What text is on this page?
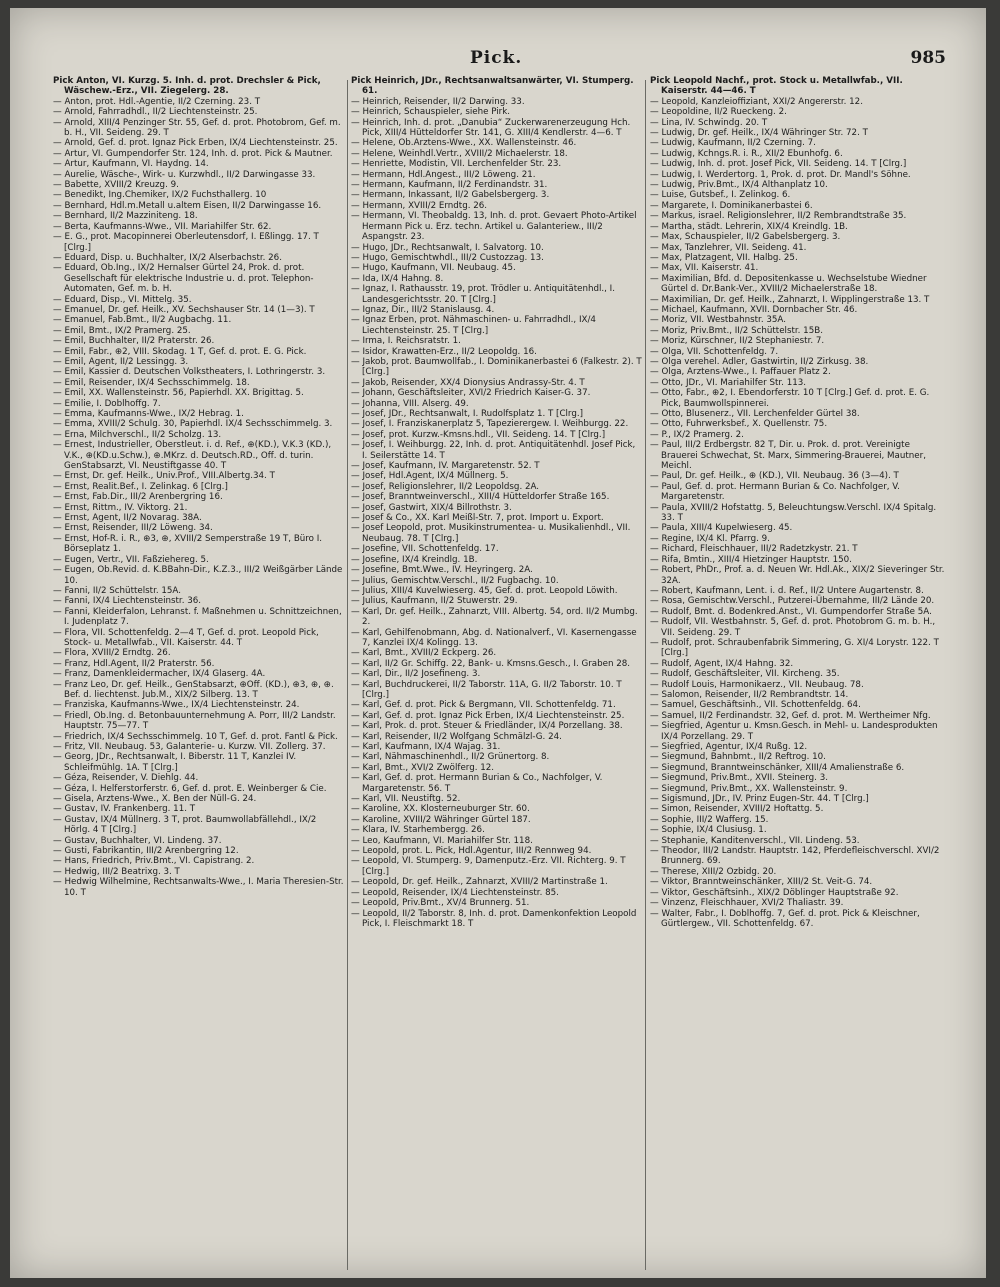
Pick.	985

Pick Anton, VI. Kurzg. 5. Inh. d. prot. Drechsler & Pick, Wäschew.-Erz., VII. Ziegelerg. 28.

— Anton, prot. Hdl.-Agentie, II/2 Czerning. 23. T

— Arnold, Fahrradhdl., II/2 Liechtensteinstr. 25.

— Arnold, XIII/4 Penzinger Str. 55, Gef. d. prot. Photobrom, Gef. m. b. H., VII. Seideng. 29. T

— Arnold, Gef. d. prot. Ignaz Pick Erben, IX/4 Liechtensteinstr. 25.

— Artur, VI. Gumpendorfer Str. 124, Inh. d. prot. Pick & Mautner.

— Artur, Kaufmann, VI. Haydng. 14.

— Aurelie, Wäsche-, Wirk- u. Kurzwhdl., II/2 Darwingasse 33.

— Babette, XVIII/2 Kreuzg. 9.

— Benedikt, Ing.Chemiker, IX/2 Fuchsthallerg. 10

— Bernhard, Hdl.m.Metall u.altem Eisen, II/2 Darwingasse 16.

— Bernhard, II/2 Mazziniteng. 18.

— Berta, Kaufmanns-Wwe., VII. Mariahilfer Str. 62.

— E. G., prot. Macopinnerei Oberleutensdorf, I. Eßlingg. 17. T [Clrg.]

— Eduard, Disp. u. Buchhalter, IX/2 Alserbachstr. 26.

— Eduard, Ob.Ing., IX/2 Hernalser Gürtel 24, Prok. d. prot. Gesellschaft für elektrische Industrie u. d. prot. Telephon-Automaten, Gef. m. b. H.

— Eduard, Disp., VI. Mittelg. 35.

— Emanuel, Dr. gef. Heilk., XV. Sechshauser Str. 14 (1—3). T

— Emanuel, Fab.Bmt., II/2 Augbachg. 11.

— Emil, Bmt., IX/2 Pramerg. 25.

— Emil, Buchhalter, II/2 Praterstr. 26.

— Emil, Fabr., ⊕2, VIII. Skodag. 1 T, Gef. d. prot. E. G. Pick.

— Emil, Agent, II/2 Lessingg. 3.

— Emil, Kassier d. Deutschen Volkstheaters, I. Lothringerstr. 3.

— Emil, Reisender, IX/4 Sechsschimmelg. 18.

— Emil, XX. Wallensteinstr. 56, Papierhdl. XX. Brigittag. 5.

— Emilie, I. Doblhoffg. 7.

— Emma, Kaufmanns-Wwe., IX/2 Hebrag. 1.

— Emma, XVIII/2 Schulg. 30, Papierhdl. IX/4 Sechsschimmelg. 3.

— Erna, Milchverschl., II/2 Scholzg. 13.

— Ernest, Industrieller, Oberstleut. i. d. Ref., ⊕(KD.), V.K.3 (KD.), V.K., ⊕(KD.u.Schw.), ⊕.MKrz. d. Deutsch.RD., Off. d. turin. GenStabsarzt, VI. Neustiftgasse 40. T

— Ernst, Dr. gef. Heilk., Univ.Prof., VIII.Albertg.34. T

— Ernst, Realit.Bef., I. Zelinkag. 6 [Clrg.]

— Ernst, Fab.Dir., III/2 Arenbergring 16.

— Ernst, Rittm., IV. Viktorg. 21.

— Ernst, Agent, II/2 Novarag. 38A.

— Ernst, Reisender, III/2 Löweng. 34.

— Ernst, Hof-R. i. R., ⊕3, ⊕, XVIII/2 Semperstraße 19 T, Büro I. Börseplatz 1.

— Eugen, Vertr., VII. Faßziehereg. 5.

— Eugen, Ob.Revid. d. K.BBahn-Dir., K.Z.3., III/2 Weißgärber Lände 10.

— Fanni, II/2 Schüttelstr. 15A.

— Fanni, IX/4 Liechtensteinstr. 36.

— Fanni, Kleiderfalon, Lehranst. f. Maßnehmen u. Schnittzeichnen, I. Judenplatz 7.

— Flora, VII. Schottenfeldg. 2—4 T, Gef. d. prot. Leopold Pick, Stock- u. Metallwfab., VII. Kaiserstr. 44. T

— Flora, XVIII/2 Erndtg. 26.

— Franz, Hdl.Agent, II/2 Praterstr. 56.

— Franz, Damenkleidermacher, IX/4 Glaserg. 4A.

— Franz Leo, Dr. gef. Heilk., GenStabsarzt, ⊕Off. (KD.), ⊕3, ⊕, ⊕. Bef. d. liechtenst. Jub.M., XIX/2 Silberg. 13. T

— Franziska, Kaufmanns-Wwe., IX/4 Liechtensteinstr. 24.

— Friedl, Ob.Ing. d. Betonbauunternehmung A. Porr, III/2 Landstr. Hauptstr. 75—77. T

— Friedrich, IX/4 Sechsschimmelg. 10 T, Gef. d. prot. Fantl & Pick.

— Fritz, VII. Neubaug. 53, Galanterie- u. Kurzw. VII. Zollerg. 37.

— Georg, JDr., Rechtsanwalt, I. Biberstr. 11 T, Kanzlei IV. Schleifmühlg. 1A. T [Clrg.]

— Géza, Reisender, V. Diehlg. 44.

— Géza, I. Helferstorferstr. 6, Gef. d. prot. E. Weinberger & Cie.

— Gisela, Arztens-Wwe., X. Ben der Nüll-G. 24.

— Gustav, IV. Frankenberg. 11. T

— Gustav, IX/4 Müllnerg. 3 T, prot. Baumwollabfällehdl., IX/2 Hörlg. 4 T [Clrg.]

— Gustav, Buchhalter, VI. Lindeng. 37.

— Gusti, Fabrikantin, III/2 Arenbergring 12.

— Hans, Friedrich, Priv.Bmt., VI. Capistrang. 2.

— Hedwig, III/2 Beatrixg. 3. T

— Hedwig Wilhelmine, Rechtsanwalts-Wwe., I. Maria Theresien-Str. 10. T

Pick Heinrich, JDr., Rechtsanwaltsanwärter, VI. Stumperg. 61.

— Heinrich, Reisender, II/2 Darwing. 33.

— Heinrich, Schauspieler, siehe Pirk.

— Heinrich, Inh. d. prot. „Danubia“ Zuckerwarenerzeugung Hch. Pick, XIII/4 Hütteldorfer Str. 141, G. XIII/4 Kendlerstr. 4—6. T

— Helene, Ob.Arztens-Wwe., XX. Wallensteinstr. 46.

— Helene, Weinhdl.Vertr., XVIII/2 Michaelerstr. 18.

— Henriette, Modistin, VII. Lerchenfelder Str. 23.

— Hermann, Hdl.Angest., III/2 Löweng. 21.

— Hermann, Kaufmann, II/2 Ferdinandstr. 31.

— Hermann, Inkassant, II/2 Gabelsbergerg. 3.

— Hermann, XVIII/2 Erndtg. 26.

— Hermann, VI. Theobaldg. 13, Inh. d. prot. Gevaert Photo-Artikel Hermann Pick u. Erz. techn. Artikel u. Galanteriew., III/2 Aspangstr. 23.

— Hugo, JDr., Rechtsanwalt, I. Salvatorg. 10.

— Hugo, Gemischtwhdl., III/2 Custozzag. 13.

— Hugo, Kaufmann, VII. Neubaug. 45.

— Ida, IX/4 Hahng. 8.

— Ignaz, I. Rathausstr. 19, prot. Trödler u. Antiquitätenhdl., I. Landesgerichtsstr. 20. T [Clrg.]

— Ignaz, Dir., III/2 Stanislausg. 4.

— Ignaz Erben, prot. Nähmaschinen- u. Fahrradhdl., IX/4 Liechtensteinstr. 25. T [Clrg.]

— Irma, I. Reichsratstr. 1.

— Isidor, Krawatten-Erz., II/2 Leopoldg. 16.

— Jakob, prot. Baumwollfab., I. Dominikanerbastei 6 (Falkestr. 2). T [Clrg.]

— Jakob, Reisender, XX/4 Dionysius Andrassy-Str. 4. T

— Johann, Geschäftsleiter, XVI/2 Friedrich Kaiser-G. 37.

— Johanna, VIII. Alserg. 49.

— Josef, JDr., Rechtsanwalt, I. Rudolfsplatz 1. T [Clrg.]

— Josef, I. Franziskanerplatz 5, Tapezierergew. I. Weihburgg. 22.

— Josef, prot. Kurzw.-Kmsns.hdl., VII. Seideng. 14. T [Clrg.]

— Josef, I. Weihburgg. 22, Inh. d. prot. Antiquitätenhdl. Josef Pick, I. Seilerstätte 14. T

— Josef, Kaufmann, IV. Margaretenstr. 52. T

— Josef, Hdl.Agent, IX/4 Müllnerg. 5.

— Josef, Religionslehrer, II/2 Leopoldsg. 2A.

— Josef, Branntweinverschl., XIII/4 Hütteldorfer Straße 165.

— Josef, Gastwirt, XIX/4 Billrothstr. 3.

— Josef & Co., XX. Karl Meißl-Str. 7, prot. Import u. Export.

— Josef Leopold, prot. Musikinstrumentea- u. Musikalienhdl., VII. Neubaug. 78. T [Clrg.]

— Josefine, VII. Schottenfeldg. 17.

— Josefine, IX/4 Kreindlg. 1B.

— Josefine, Bmt.Wwe., IV. Heyringerg. 2A.

— Julius, Gemischtw.Verschl., II/2 Fugbachg. 10.

— Julius, XIII/4 Kuvelwieserg. 45, Gef. d. prot. Leopold Löwith.

— Julius, Kaufmann, II/2 Stuwerstr. 29.

— Karl, Dr. gef. Heilk., Zahnarzt, VIII. Albertg. 54, ord. II/2 Mumbg. 2.

— Karl, Gehilfenobmann, Abg. d. Nationalverf., VI. Kasernengasse 7, Kanzlei IX/4 Kolingg. 13.

— Karl, Bmt., XVIII/2 Eckperg. 26.

— Karl, II/2 Gr. Schiffg. 22, Bank- u. Kmsns.Gesch., I. Graben 28.

— Karl, Dir., II/2 Josefineng. 3.

— Karl, Buchdruckerei, II/2 Taborstr. 11A, G. II/2 Taborstr. 10. T [Clrg.]

— Karl, Gef. d. prot. Pick & Bergmann, VII. Schottenfeldg. 71.

— Karl, Gef. d. prot. Ignaz Pick Erben, IX/4 Liechtensteinstr. 25.

— Karl, Prok. d. prot. Steuer & Friedländer, IX/4 Porzellang. 38.

— Karl, Reisender, II/2 Wolfgang Schmälzl-G. 24.

— Karl, Kaufmann, IX/4 Wajag. 31.

— Karl, Nähmaschinenhdl., II/2 Grünertorg. 8.

— Karl, Bmt., XVI/2 Zwölferg. 12.

— Karl, Gef. d. prot. Hermann Burian & Co., Nachfolger, V. Margaretenstr. 56. T

— Karl, VII. Neustiftg. 52.

— Karoline, XX. Klosterneuburger Str. 60.

— Karoline, XVIII/2 Währinger Gürtel 187.

— Klara, IV. Starhembergg. 26.

— Leo, Kaufmann, VI. Mariahilfer Str. 118.

— Leopold, prot. L. Pick, Hdl.Agentur, III/2 Rennweg 94.

— Leopold, VI. Stumperg. 9, Damenputz.-Erz. VII. Richterg. 9. T [Clrg.]

— Leopold, Dr. gef. Heilk., Zahnarzt, XVIII/2 Martinstraße 1.

— Leopold, Reisender, IX/4 Liechtensteinstr. 85.

— Leopold, Priv.Bmt., XV/4 Brunnerg. 51.

— Leopold, II/2 Taborstr. 8, Inh. d. prot. Damenkonfektion Leopold Pick, I. Fleischmarkt 18. T

Pick Leopold Nachf., prot. Stock u. Metallwfab., VII. Kaiserstr. 44—46. T

— Leopold, Kanzleioffiziant, XXI/2 Angererstr. 12.

— Leopoldine, II/2 Rueckeng. 2.

— Lina, IV. Schwindg. 20. T

— Ludwig, Dr. gef. Heilk., IX/4 Währinger Str. 72. T

— Ludwig, Kaufmann, II/2 Czerning. 7.

— Ludwig, Kchngs.R. i. R., XII/2 Ebunhofg. 6.

— Ludwig, Inh. d. prot. Josef Pick, VII. Seideng. 14. T [Clrg.]

— Ludwig, I. Werdertorg. 1, Prok. d. prot. Dr. Mandl's Söhne.

— Ludwig, Priv.Bmt., IX/4 Althanplatz 10.

— Luise, Gutsbef., I. Zelinkog. 6.

— Margarete, I. Dominikanerbastei 6.

— Markus, israel. Religionslehrer, II/2 Rembrandtstraße 35.

— Martha, städt. Lehrerin, XIX/4 Kreindlg. 1B.

— Max, Schauspieler, II/2 Gabelsbergerg. 3.

— Max, Tanzlehrer, VII. Seideng. 41.

— Max, Platzagent, VII. Halbg. 25.

— Max, VII. Kaiserstr. 41.

— Maximilian, Bfd. d. Depositenkasse u. Wechselstube Wiedner Gürtel d. Dr.Bank-Ver., XVIII/2 Michaelerstraße 18.

— Maximilian, Dr. gef. Heilk., Zahnarzt, I. Wipplingerstraße 13. T

— Michael, Kaufmann, XVII. Dornbacher Str. 46.

— Moriz, VII. Westbahnstr. 35A.

— Moriz, Priv.Bmt., II/2 Schüttelstr. 15B.

— Moriz, Kürschner, II/2 Stephaniestr. 7.

— Olga, VII. Schottenfeldg. 7.

— Olga verehel. Adler, Gastwirtin, II/2 Zirkusg. 38.

— Olga, Arztens-Wwe., I. Paffauer Platz 2.

— Otto, JDr., VI. Mariahilfer Str. 113.

— Otto, Fabr., ⊕2, I. Ebendorferstr. 10 T [Clrg.] Gef. d. prot. E. G. Pick, Baumwollspinnerei.

— Otto, Blusenerz., VII. Lerchenfelder Gürtel 38.

— Otto, Fuhrwerksbef., X. Quellenstr. 75.

— P., IX/2 Pramerg. 2.

— Paul, III/2 Erdbergstr. 82 T, Dir. u. Prok. d. prot. Vereinigte Brauerei Schwechat, St. Marx, Simmering-Brauerei, Mautner, Meichl.

— Paul, Dr. gef. Heilk., ⊕ (KD.), VII. Neubaug. 36 (3—4). T

— Paul, Gef. d. prot. Hermann Burian & Co. Nachfolger, V. Margaretenstr.

— Paula, XVIII/2 Hofstattg. 5, Beleuchtungsw.Verschl. IX/4 Spitalg. 33. T

— Paula, XIII/4 Kupelwieserg. 45.

— Regine, IX/4 Kl. Pfarrg. 9.

— Richard, Fleischhauer, III/2 Radetzkystr. 21. T

— Rifa, Bmtin., XIII/4 Hietzinger Hauptstr. 150.

— Robert, PhDr., Prof. a. d. Neuen Wr. Hdl.Ak., XIX/2 Sieveringer Str. 32A.

— Robert, Kaufmann, Lent. i. d. Ref., II/2 Untere Augartenstr. 8.

— Rosa, Gemischtw.Verschl., Putzerei-Übernahme, III/2 Lände 20.

— Rudolf, Bmt. d. Bodenkred.Anst., VI. Gumpendorfer Straße 5A.

— Rudolf, VII. Westbahnstr. 5, Gef. d. prot. Photobrom G. m. b. H., VII. Seideng. 29. T

— Rudolf, prot. Schraubenfabrik Simmering, G. XI/4 Lorystr. 122. T [Clrg.]

— Rudolf, Agent, IX/4 Hahng. 32.

— Rudolf, Geschäftsleiter, VII. Kircheng. 35.

— Rudolf Louis, Harmonikaerz., VII. Neubaug. 78.

— Salomon, Reisender, II/2 Rembrandtstr. 14.

— Samuel, Geschäftsinh., VII. Schottenfeldg. 64.

— Samuel, II/2 Ferdinandstr. 32, Gef. d. prot. M. Wertheimer Nfg.

— Siegfried, Agentur u. Kmsn.Gesch. in Mehl- u. Landesprodukten IX/4 Porzellang. 29. T

— Siegfried, Agentur, IX/4 Rußg. 12.

— Siegmund, Bahnbmt., II/2 Reftrog. 10.

— Siegmund, Branntweinschänker, XIII/4 Amalienstraße 6.

— Siegmund, Priv.Bmt., XVII. Steinerg. 3.

— Siegmund, Priv.Bmt., XX. Wallensteinstr. 9.

— Sigismund, JDr., IV. Prinz Eugen-Str. 44. T [Clrg.]

— Simon, Reisender, XVIII/2 Hoftattg. 5.

— Sophie, III/2 Wafferg. 15.

— Sophie, IX/4 Clusiusg. 1.

— Stephanie, Kanditenverschl., VII. Lindeng. 53.

— Theodor, III/2 Landstr. Hauptstr. 142, Pferdefleischverschl. XVI/2 Brunnerg. 69.

— Therese, XIII/2 Ozbidg. 20.

— Viktor, Branntweinschänker, XIII/2 St. Veit-G. 74.

— Viktor, Geschäftsinh., XIX/2 Döblinger Hauptstraße 92.

— Vinzenz, Fleischhauer, XVI/2 Thaliastr. 39.

— Walter, Fabr., I. Doblhoffg. 7, Gef. d. prot. Pick & Kleischner, Gürtlergew., VII. Schottenfeldg. 67.
